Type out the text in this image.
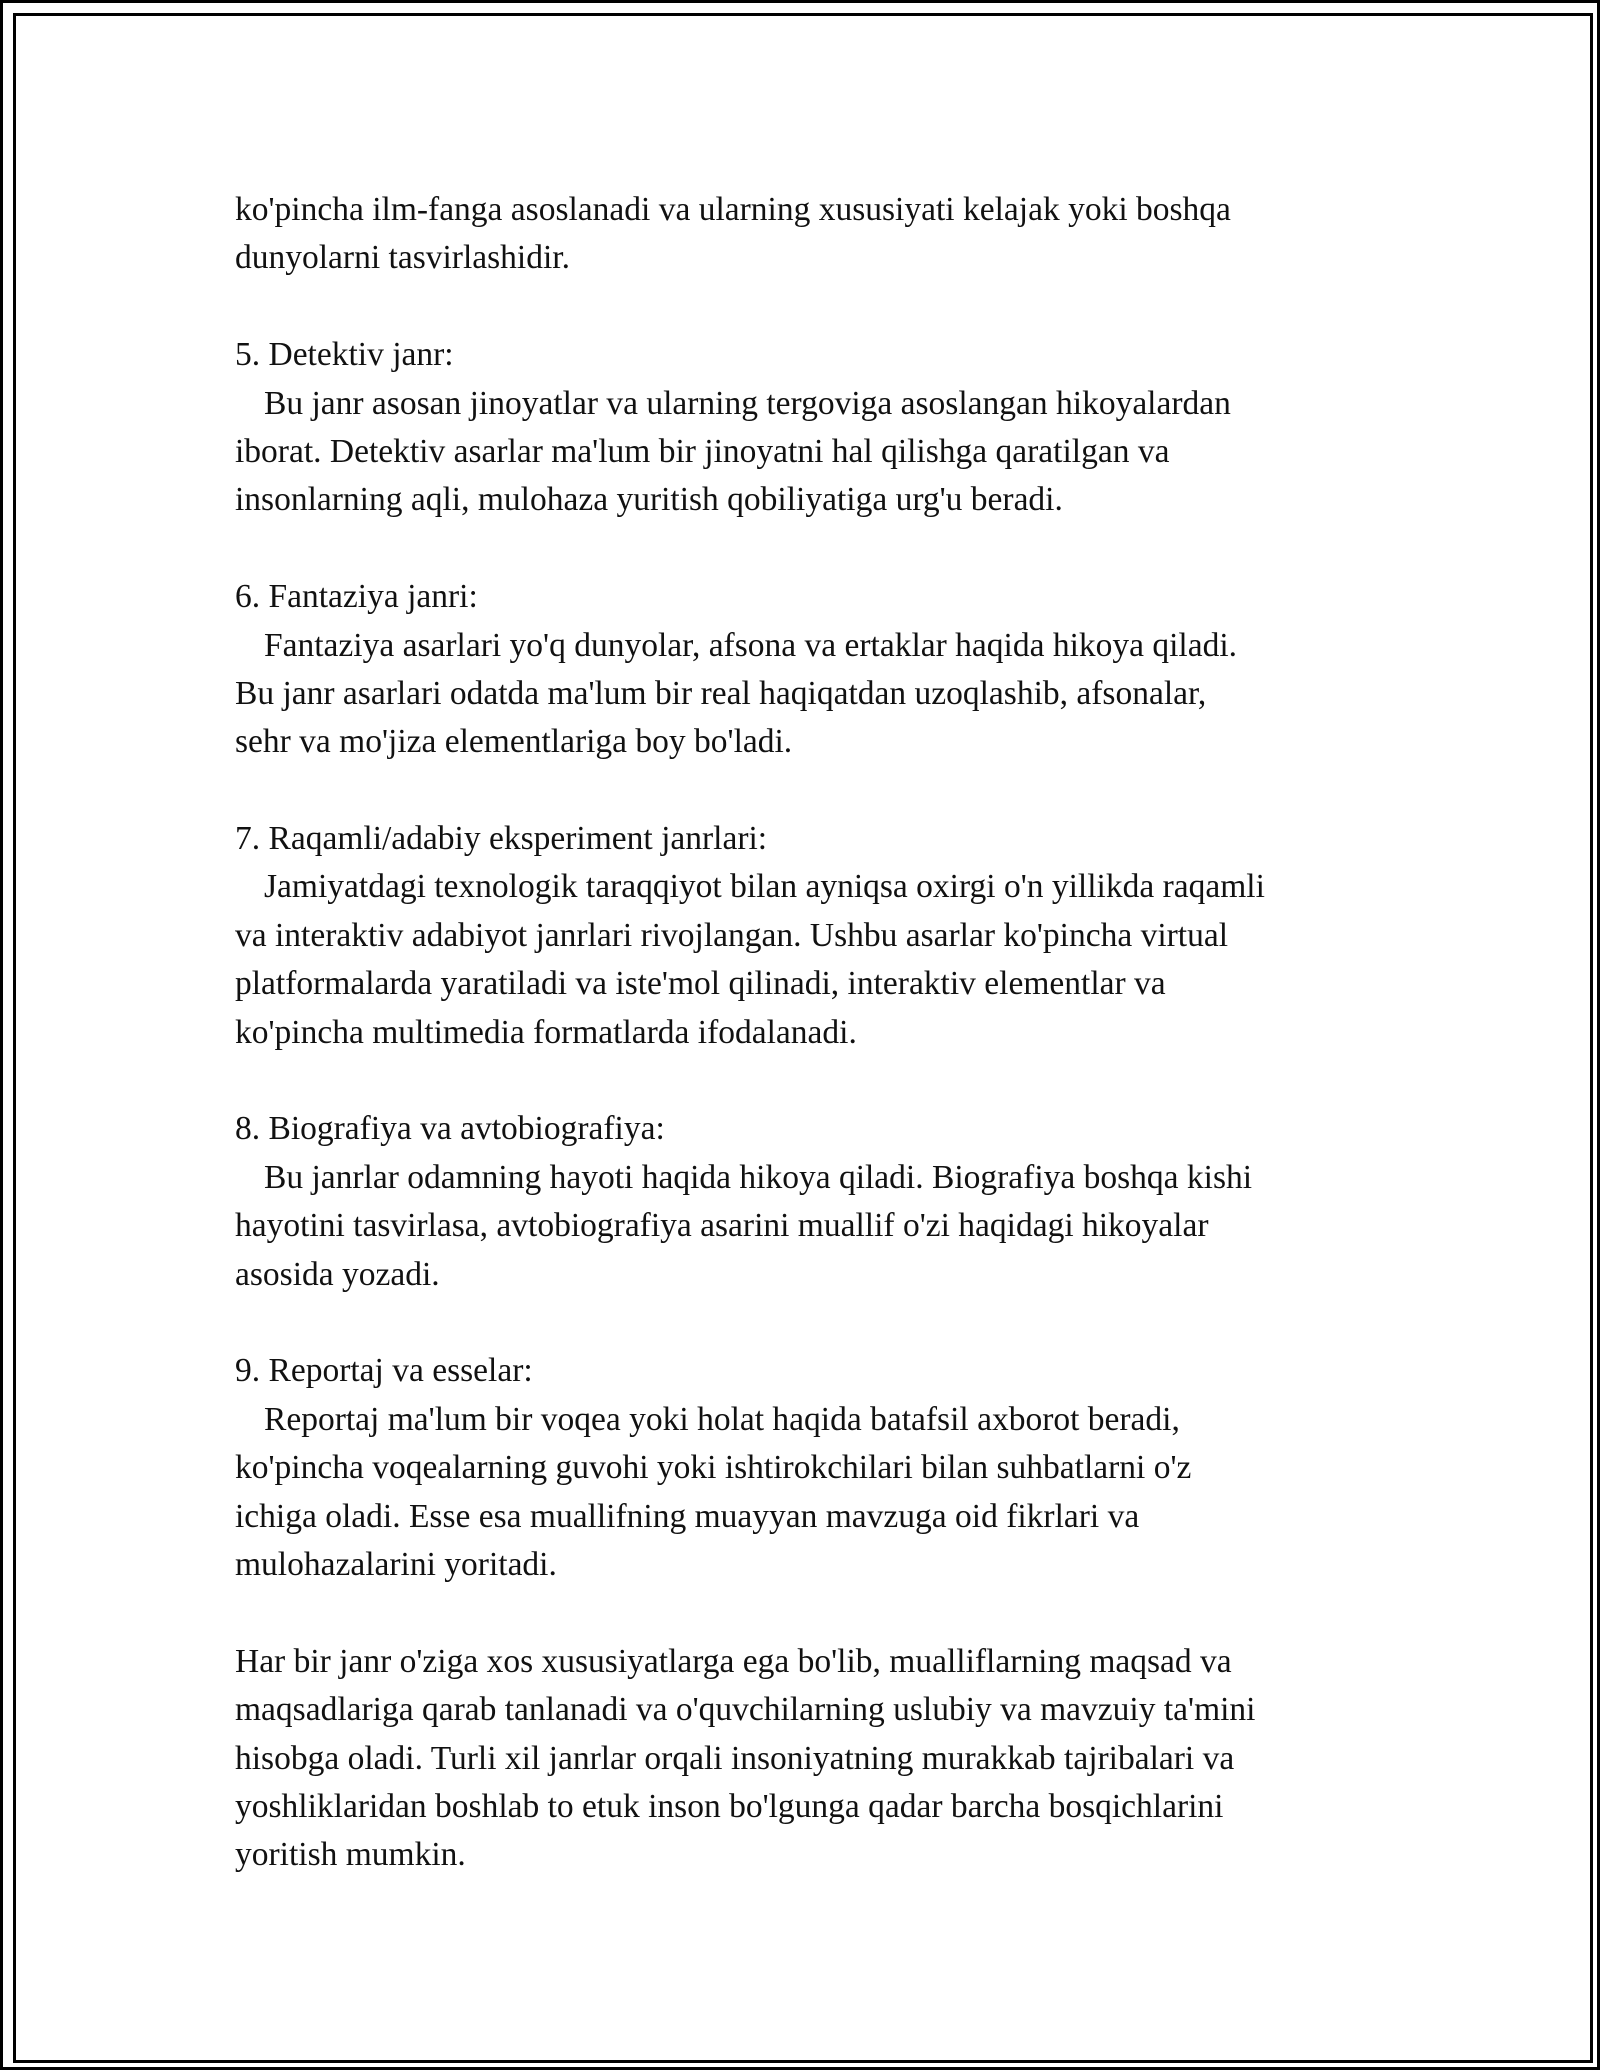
ko'pincha ilm-fanga asoslanadi va ularning xususiyati kelajak yoki boshqa
dunyolarni tasvirlashidir.
5. Detektiv janr:
Bu janr asosan jinoyatlar va ularning tergoviga asoslangan hikoyalardan
iborat. Detektiv asarlar ma'lum bir jinoyatni hal qilishga qaratilgan va
insonlarning aqli, mulohaza yuritish qobiliyatiga urg'u beradi.
6. Fantaziya janri:
Fantaziya asarlari yo'q dunyolar, afsona va ertaklar haqida hikoya qiladi.
Bu janr asarlari odatda ma'lum bir real haqiqatdan uzoqlashib, afsonalar,
sehr va mo'jiza elementlariga boy bo'ladi.
7. Raqamli/adabiy eksperiment janrlari:
Jamiyatdagi texnologik taraqqiyot bilan ayniqsa oxirgi o'n yillikda raqamli
va interaktiv adabiyot janrlari rivojlangan. Ushbu asarlar ko'pincha virtual
platformalarda yaratiladi va iste'mol qilinadi, interaktiv elementlar va
ko'pincha multimedia formatlarda ifodalanadi.
8. Biografiya va avtobiografiya:
Bu janrlar odamning hayoti haqida hikoya qiladi. Biografiya boshqa kishi
hayotini tasvirlasa, avtobiografiya asarini muallif o'zi haqidagi hikoyalar
asosida yozadi.
9. Reportaj va esselar:
Reportaj ma'lum bir voqea yoki holat haqida batafsil axborot beradi,
ko'pincha voqealarning guvohi yoki ishtirokchilari bilan suhbatlarni o'z
ichiga oladi. Esse esa muallifning muayyan mavzuga oid fikrlari va
mulohazalarini yoritadi.
Har bir janr o'ziga xos xususiyatlarga ega bo'lib, mualliflarning maqsad va
maqsadlariga qarab tanlanadi va o'quvchilarning uslubiy va mavzuiy ta'mini
hisobga oladi. Turli xil janrlar orqali insoniyatning murakkab tajribalari va
yoshliklaridan boshlab to etuk inson bo'lgunga qadar barcha bosqichlarini
yoritish mumkin.
